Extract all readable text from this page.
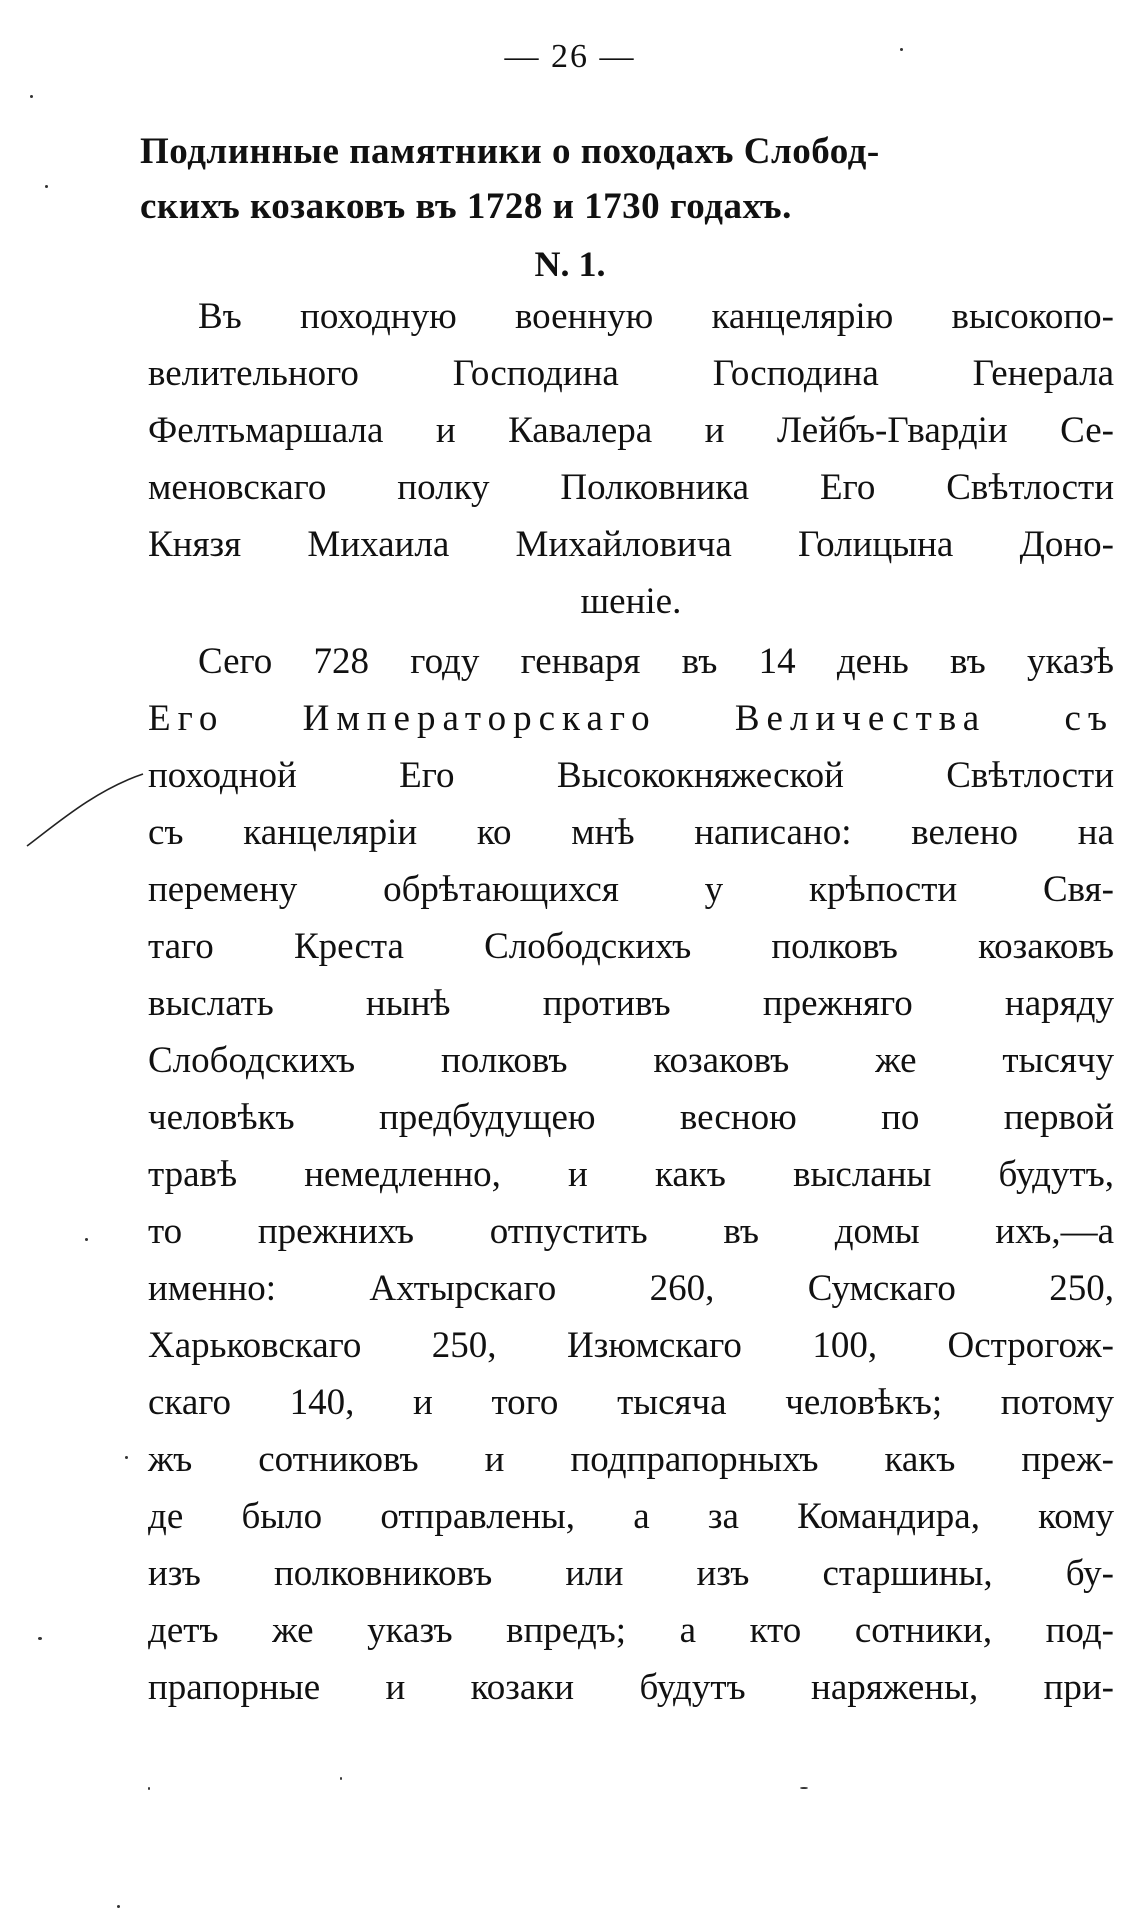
— 26 —
Подлинные памятники о походахъ Слобод-
скихъ козаковъ въ 1728 и 1730 годахъ.
N. 1.
Въ походную военную канцелярію высокопо-
велительного Господина Господина Генерала
Фелтьмаршала и Кавалера и Лейбъ-Гвардіи Се-
меновскаго полку Полковника Его Свѣтлости
Князя Михаила Михайловича Голицына Доно-
шеніе.
Сего 728 году генваря въ 14 день въ указѣ
Его Императорскаго Величества съ
походной Его Высококняжеской Свѣтлости
съ канцеляріи ко мнѣ написано: велено на
перемену обрѣтающихся у крѣпости Свя-
таго Креста Слободскихъ полковъ козаковъ
выслать нынѣ противъ прежняго наряду
Слободскихъ полковъ козаковъ же тысячу
человѣкъ предбудущею весною по первой
травѣ немедленно, и какъ высланы будутъ,
то прежнихъ отпустить въ домы ихъ,—а
именно: Ахтырскаго 260, Сумскаго 250,
Харьковскаго 250, Изюмскаго 100, Острогож-
скаго 140, и того тысяча человѣкъ; потому
жъ сотниковъ и подпрапорныхъ какъ преж-
де было отправлены, а за Командира, кому
изъ полковниковъ или изъ старшины, бу-
детъ же указъ впредъ; а кто сотники, под-
прапорные и козаки будутъ наряжены, при-
